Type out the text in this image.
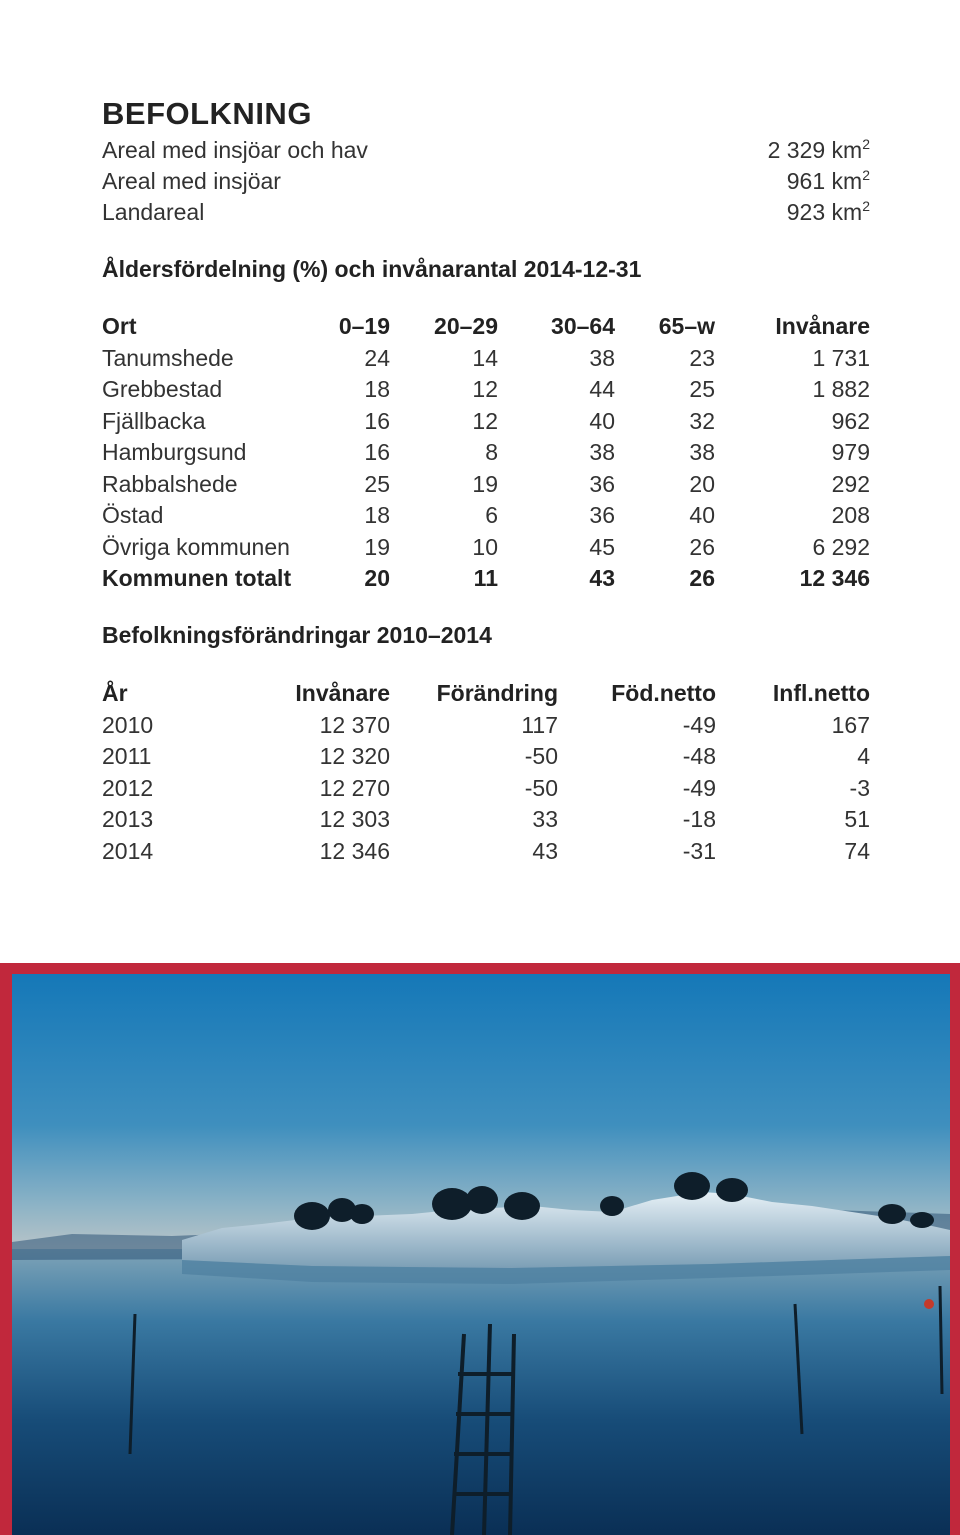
BEFOLKNING
Areal med insjöar och hav	2 329 $km^2$
Areal med insjöar	961 $km^2$
Landareal	923 $km^2$
Åldersfördelning (%) och invånarantal 2014-12-31
Ort	0–19	20–29	30–64	65–w	Invånare
Tanumshede	24	14	38	23	1 731
Grebbestad	18	12	44	25	1 882
Fjällbacka	16	12	40	32	962
Hamburgsund	16	8	38	38	979
Rabbalshede	25	19	36	20	292
Östad	18	6	36	40	208
Övriga kommunen	19	10	45	26	6 292
Kommunen totalt	20	11	43	26	12 346
Befolkningsförändringar 2010–2014
År	Invånare	Förändring	Föd.netto	Infl.netto
2010	12 370	117	-49	167
2011	12 320	-50	-48	4
2012	12 270	-50	-49	-3
2013	12 303	33	-18	51
2014	12 346	43	-31	74
